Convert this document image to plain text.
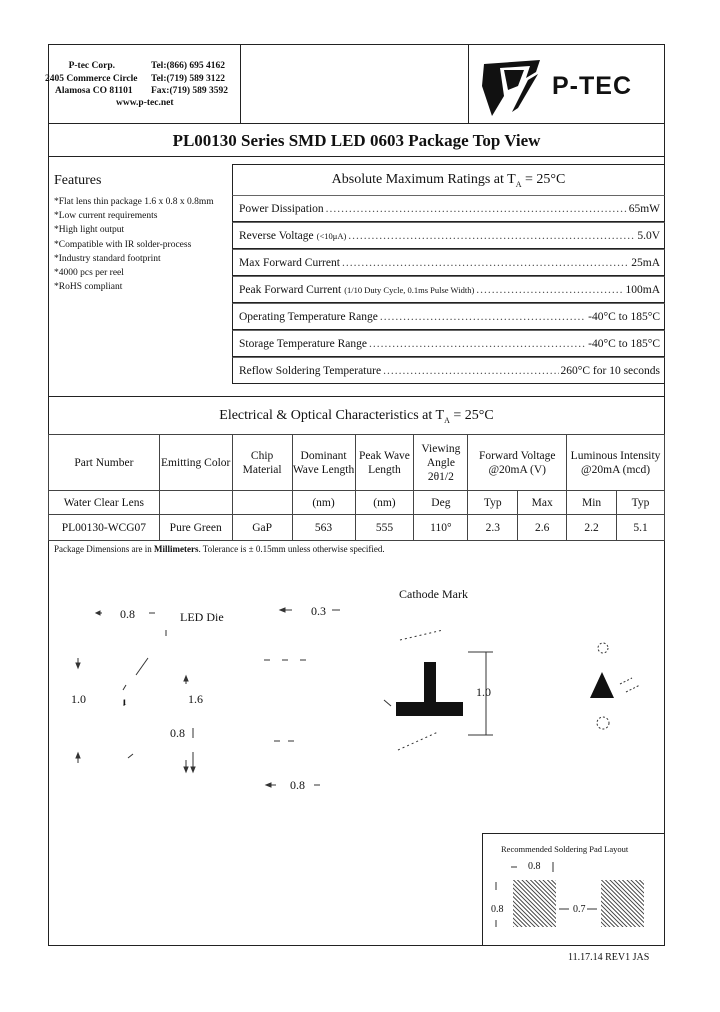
P-tec Corp.
2405 Commerce Circle
Alamosa CO 81101
Tel:(866) 695 4162
Tel:(719) 589 3122
Fax:(719) 589 3592
www.p-tec.net
P-TEC
PL00130 Series SMD LED 0603 Package Top View
Features
*Flat lens thin package 1.6 x 0.8 x 0.8mm
*Low current requirements
*High light output
*Compatible with IR solder-process
*Industry standard footprint
*4000 pcs per reel
*RoHS compliant
Absolute Maximum Ratings at $T_A = 25^\circ C$
Power Dissipation .....	65mW
Reverse Voltage (<10μA) .....	5.0V
Max Forward Current .....	25mA
Peak Forward Current (1/10 Duty Cycle, 0.1ms Pulse Width) .....	100mA
Operating Temperature Range .....	-40°C to 185°C
Storage Temperature Range .....	-40°C to 185°C
Reflow Soldering Temperature .....	260°C for 10 seconds
Electrical & Optical Characteristics at $T_A = 25^\circ C$
Part Number	Emitting Color	Chip Material	Dominant Wave Length	Peak Wave Length	Viewing Angle 2θ1/2	Forward Voltage @20mA (V)		Luminous Intensity @20mA (mcd)	
Water Clear Lens			(nm)	(nm)	Deg	Typ	Max	Min	Typ
PL00130-WCG07	Pure Green	GaP	563	555	110°	2.3	2.6	2.2	5.1
Package Dimensions are in Millimeters. Tolerance is ± 0.15mm unless otherwise specified.
0.8	LED Die
1.0	ı	1.6
0.8
0.3
0.8
Cathode Mark
1.0
Recommended Soldering Pad Layout
0.8
0.8	0.7
11.17.14 REV1 JAS
